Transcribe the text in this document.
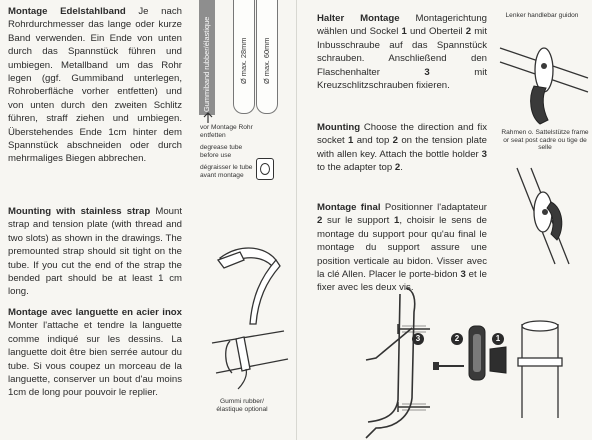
Montage Edelstahlband Je nach Rohrdurchmesser das lange oder kurze Band verwenden. Ein Ende von unten durch das Spannstück führen und umbiegen. Metallband um das Rohr legen (ggf. Gummiband unterlegen, Rohroberfläche vorher entfetten) und von unten durch den zweiten Schlitz führen, straff ziehen und umbiegen. Überstehendes Ende 1cm hinter dem Spannstück abschneiden oder durch mehrmaliges Biegen abbrechen.
Mounting with stainless strap Mount strap and tension plate (with thread and two slots) as shown in the drawings. The premounted strap should sit tight on the tube. If you cut the end of the strap the bended part should be at least 1 cm long.
Montage avec languette en acier inox Monter l'attache et tendre la languette comme indiqué sur les dessins. La languette doit être bien serrée autour du tube. Si vous coupez un morceau de la languette, conserver un bout d'au moins 1cm de long pour pouvoir le replier.
Gummiband rubber/élastique	Ø max. 28mm Ø max. 60mm
vor Montage Rohr entfetten
degrease tube before use
dégraisser le tube avant montage
Gummi rubber/élastique optional
Halter Montage Montagerichtung wählen und Sockel 1 und Oberteil 2 mit Inbusschraube auf das Spannstück schrauben. Anschließend den Flaschenhalter 3 mit Kreuzschlitzschrauben fixieren.
Mounting Choose the direction and fix socket 1 and top 2 on the tension plate with allen key. Attach the bottle holder 3 to the adapter top 2.
Montage final Positionner l'adaptateur 2 sur le support 1, choisir le sens de montage du support pour qu'au final le montage du support assure une position verticale au bidon. Visser avec la clé Allen. Placer le porte-bidon 3 et le fixer avec les deux vis.
Lenker handlebar guidon
Rahmen o. Sattelstütze frame or seat post cadre ou tige de selle
3	2	1
